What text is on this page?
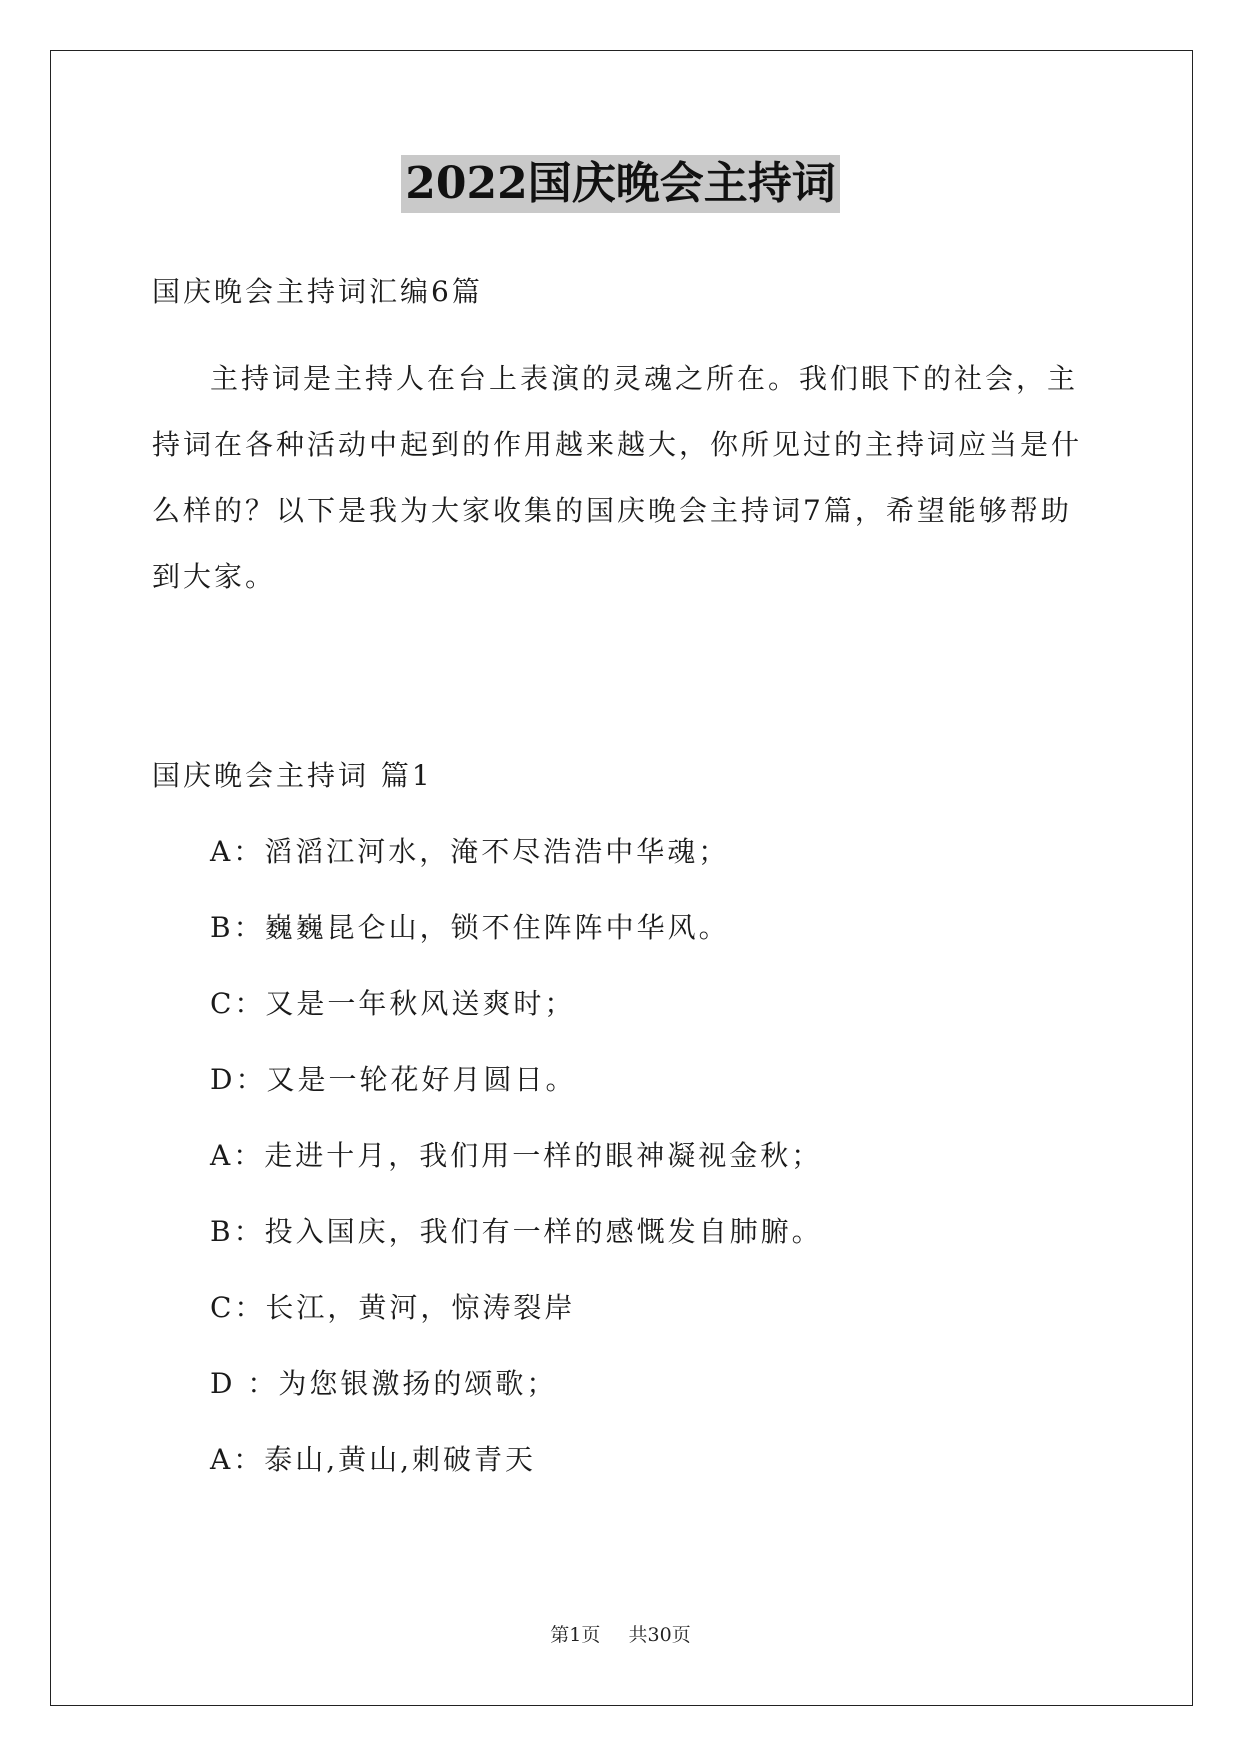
2022国庆晚会主持词
国庆晚会主持词汇编6篇

主持词是主持人在台上表演的灵魂之所在。我们眼下的社会，主持词在各种活动中起到的作用越来越大，你所见过的主持词应当是什么样的？以下是我为大家收集的国庆晚会主持词7篇，希望能够帮助到大家。

国庆晚会主持词 篇1
A：滔滔江河水，淹不尽浩浩中华魂；
B：巍巍昆仑山，锁不住阵阵中华风。
C：又是一年秋风送爽时；
D：又是一轮花好月圆日。
A：走进十月，我们用一样的眼神凝视金秋；
B：投入国庆，我们有一样的感慨发自肺腑。
C：长江，黄河，惊涛裂岸
D ：为您银激扬的颂歌；
A：泰山,黄山,刺破青天
第1页 共30页
